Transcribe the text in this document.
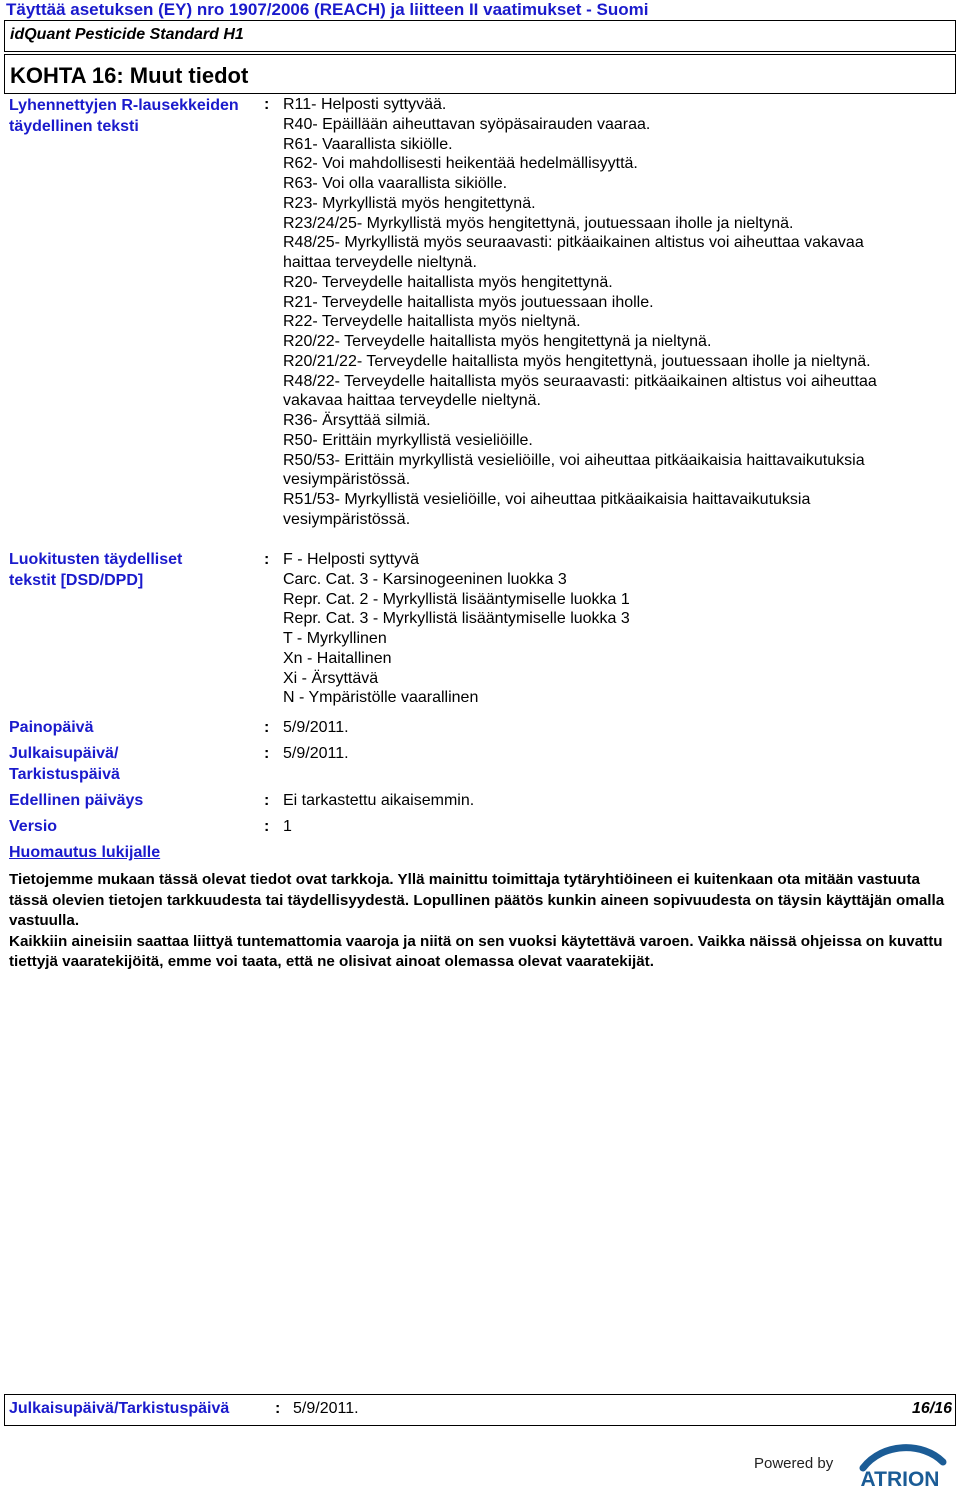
Täyttää asetuksen (EY) nro 1907/2006 (REACH) ja liitteen II vaatimukset - Suomi
idQuant Pesticide Standard H1
KOHTA 16: Muut tiedot
Lyhennettyjen R-lausekkeiden täydellinen teksti
: R11- Helposti syttyvää.
R40- Epäillään aiheuttavan syöpäsairauden vaaraa.
R61- Vaarallista sikiölle.
R62- Voi mahdollisesti heikentää hedelmällisyyttä.
R63- Voi olla vaarallista sikiölle.
R23- Myrkyllistä myös hengitettynä.
R23/24/25- Myrkyllistä myös hengitettynä, joutuessaan iholle ja nieltynä.
R48/25- Myrkyllistä myös seuraavasti: pitkäaikainen altistus voi aiheuttaa vakavaa
haittaa terveydelle nieltynä.
R20- Terveydelle haitallista myös hengitettynä.
R21- Terveydelle haitallista myös joutuessaan iholle.
R22- Terveydelle haitallista myös nieltynä.
R20/22- Terveydelle haitallista myös hengitettynä ja nieltynä.
R20/21/22- Terveydelle haitallista myös hengitettynä, joutuessaan iholle ja nieltynä.
R48/22- Terveydelle haitallista myös seuraavasti: pitkäaikainen altistus voi aiheuttaa
vakavaa haittaa terveydelle nieltynä.
R36- Ärsyttää silmiä.
R50- Erittäin myrkyllistä vesieliöille.
R50/53- Erittäin myrkyllistä vesieliöille, voi aiheuttaa pitkäaikaisia haittavaikutuksia
vesiympäristössä.
R51/53- Myrkyllistä vesieliöille, voi aiheuttaa pitkäaikaisia haittavaikutuksia
vesiympäristössä.
Luokitusten täydelliset tekstit [DSD/DPD]
: F - Helposti syttyvä
Carc. Cat. 3 - Karsinogeeninen luokka 3
Repr. Cat. 2 - Myrkyllistä lisääntymiselle luokka 1
Repr. Cat. 3 - Myrkyllistä lisääntymiselle luokka 3
T - Myrkyllinen
Xn - Haitallinen
Xi - Ärsyttävä
N - Ympäristölle vaarallinen
Painopäivä	: 5/9/2011.
Julkaisupäivä/ Tarkistuspäivä
: 5/9/2011.
Edellinen päiväys	: Ei tarkastettu aikaisemmin.
Versio	: 1
Huomautus lukijalle

Tietojemme mukaan tässä olevat tiedot ovat tarkkoja. Yllä mainittu toimittaja tytäryhtiöineen ei kuitenkaan ota mitään vastuuta tässä olevien tietojen tarkkuudesta tai täydellisyydestä. Lopullinen päätös kunkin aineen sopivuudesta on täysin käyttäjän omalla vastuulla.

Kaikkiin aineisiin saattaa liittyä tuntemattomia vaaroja ja niitä on sen vuoksi käytettävä varoen. Vaikka näissä ohjeissa on kuvattu tiettyjä vaaratekijöitä, emme voi taata, että ne olisivat ainoat olemassa olevat vaaratekijät.

Julkaisupäivä/Tarkistuspäivä	: 5/9/2011.	16/16
Powered by
ATRION
